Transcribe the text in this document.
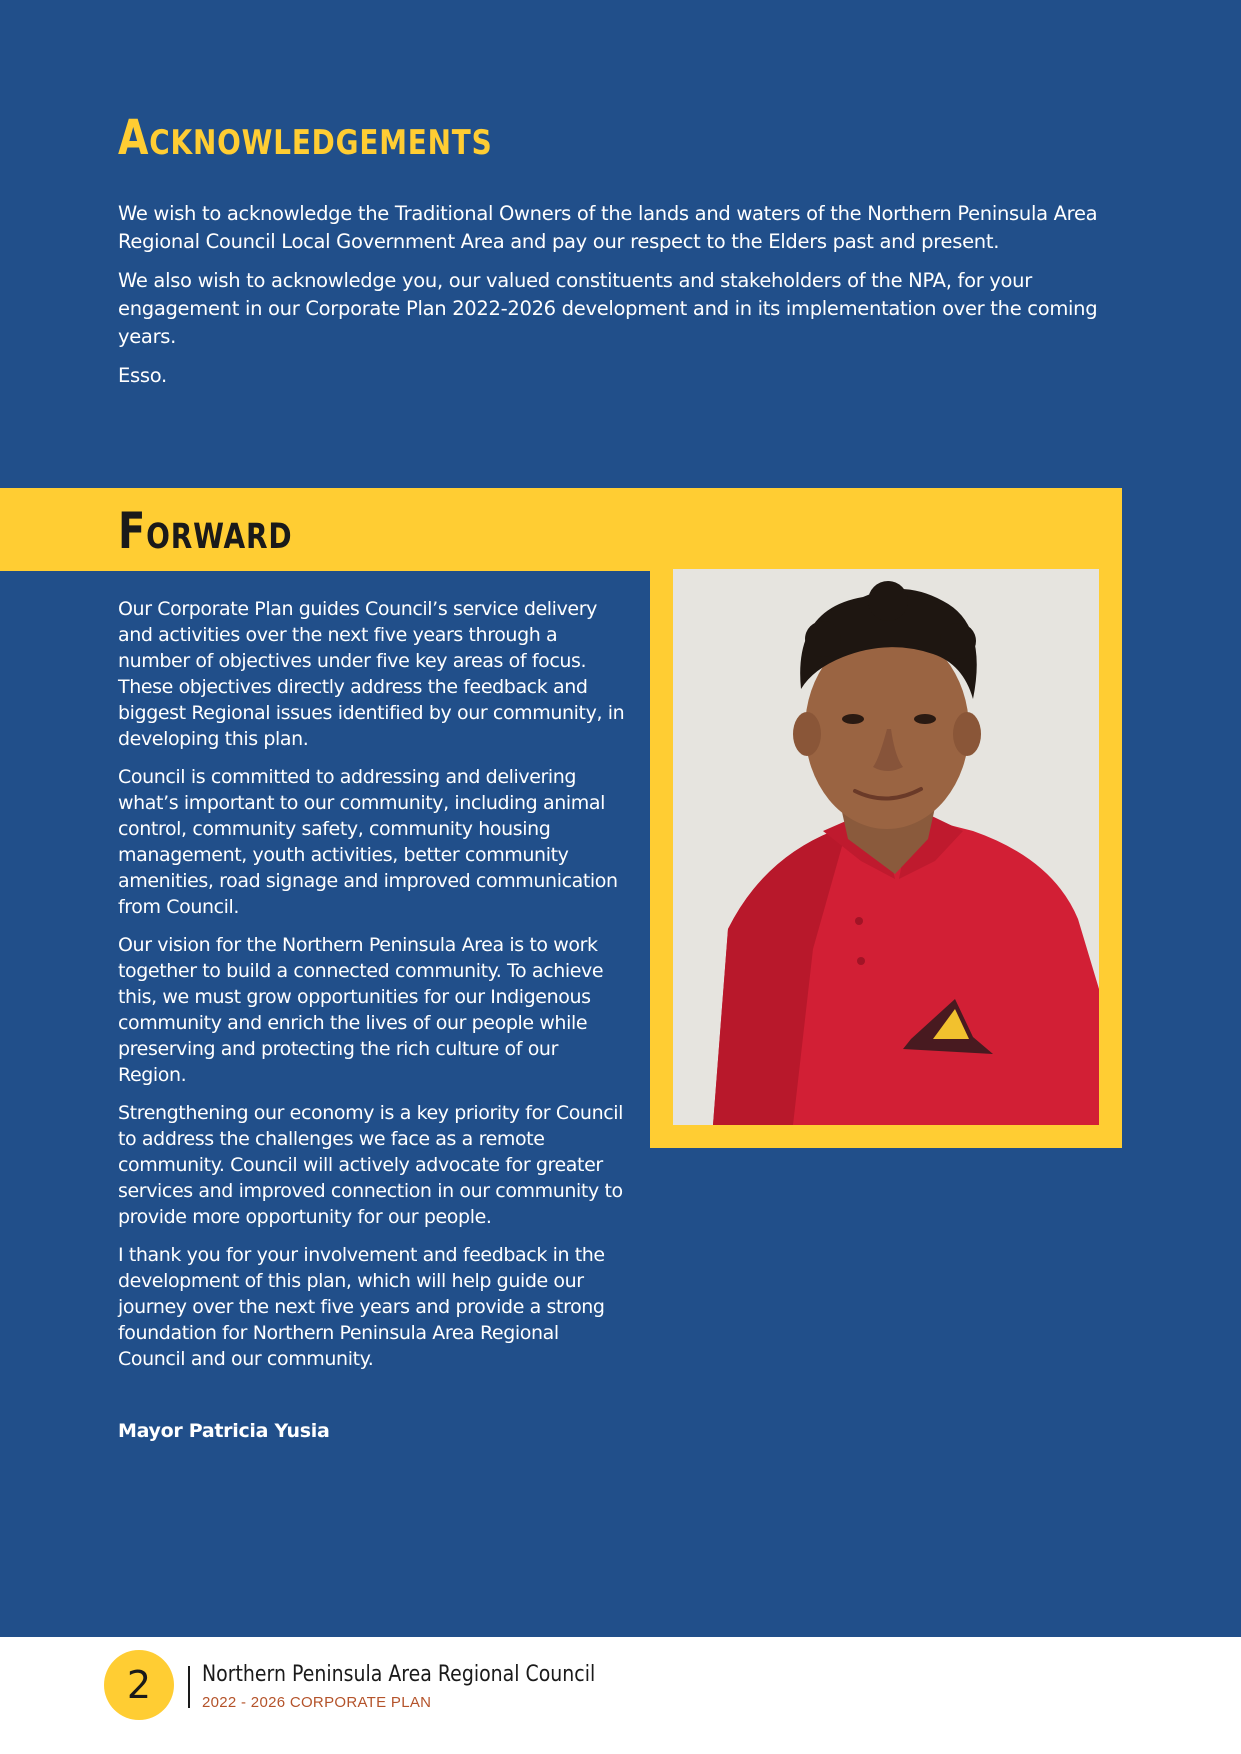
Acknowledgements

We wish to acknowledge the Traditional Owners of the lands and waters of the Northern Peninsula Area Regional Council Local Government Area and pay our respect to the Elders past and present.

We also wish to acknowledge you, our valued constituents and stakeholders of the NPA, for your engagement in our Corporate Plan 2022-2026 development and in its implementation over the coming years.

Esso.

Forward

Our Corporate Plan guides Council’s service delivery and activities over the next five years through a number of objectives under five key areas of focus. These objectives directly address the feedback and biggest Regional issues identified by our community, in developing this plan.

Council is committed to addressing and delivering what’s important to our community, including animal control, community safety, community housing management, youth activities, better community amenities, road signage and improved communication from Council.

Our vision for the Northern Peninsula Area is to work together to build a connected community. To achieve this, we must grow opportunities for our Indigenous community and enrich the lives of our people while preserving and protecting the rich culture of our Region.

Strengthening our economy is a key priority for Council to address the challenges we face as a remote community. Council will actively advocate for greater services and improved connection in our community to provide more opportunity for our people.

I thank you for your involvement and feedback in the development of this plan, which will help guide our journey over the next five years and provide a strong foundation for Northern Peninsula Area Regional Council and our community.

Mayor Patricia Yusia

2	Northern Peninsula Area Regional Council

2022 - 2026 CORPORATE PLAN
